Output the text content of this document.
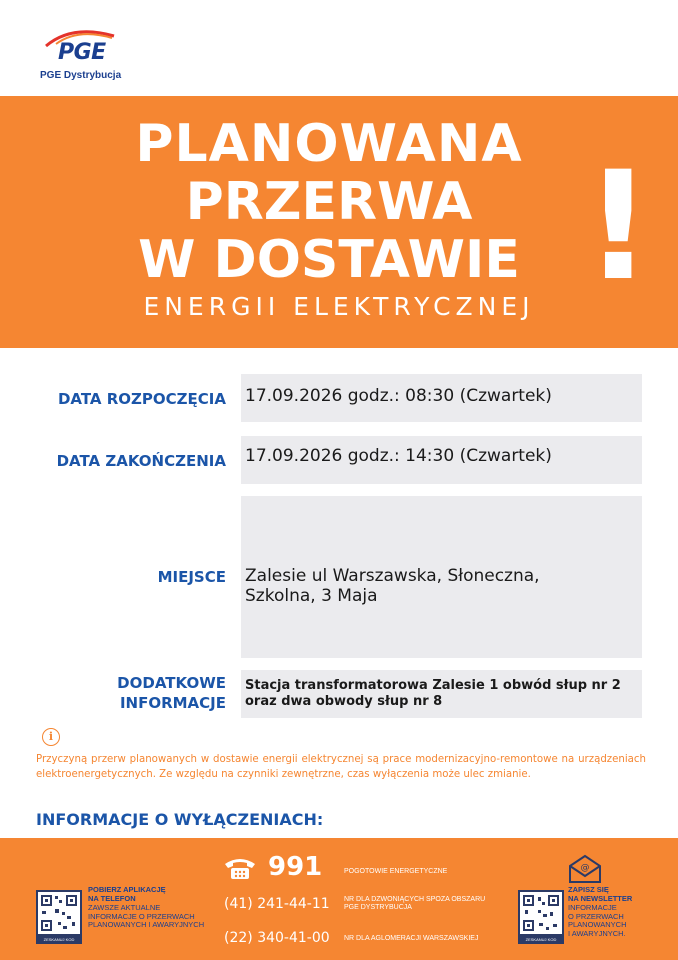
PGE
PGE Dystrybucja
PLANOWANA
PRZERWA
W DOSTAWIE
ENERGII ELEKTRYCZNEJ !
DATA ROZPOCZĘCIA 17.09.2026 godz.: 08:30 (Czwartek)
DATA ZAKOŃCZENIA 17.09.2026 godz.: 14:30 (Czwartek)
MIEJSCE Zalesie ul Warszawska, Słoneczna,
Szkolna, 3 Maja
DODATKOWE
INFORMACJE
Stacja transformatorowa Zalesie 1 obwód słup nr 2
oraz dwa obwody słup nr 8
i
Przyczyną przerw planowanych w dostawie energii elektrycznej są prace modernizacyjno-remontowe na urządzeniach elektroenergetycznych. Ze względu na czynniki zewnętrzne, czas wyłączenia może ulec zmianie.
INFORMACJE O WYŁĄCZENIACH:
ZESKANUJ KOD
POBIERZ APLIKACJĘ
NA TELEFON
ZAWSZE AKTUALNE
INFORMACJE O PRZERWACH
PLANOWANYCH I AWARYJNYCH
991	POGOTOWIE ENERGETYCZNE
(41) 241-44-11 NR DLA DZWONIĄCYCH SPOZA OBSZARU
PGE DYSTRYBUCJA
(22) 340-41-00 NR DLA AGLOMERACJI WARSZAWSKIEJ
@
ZESKANUJ KOD
ZAPISZ SIĘ
NA NEWSLETTER
INFORMACJE
O PRZERWACH
PLANOWANYCH
I AWARYJNYCH.
